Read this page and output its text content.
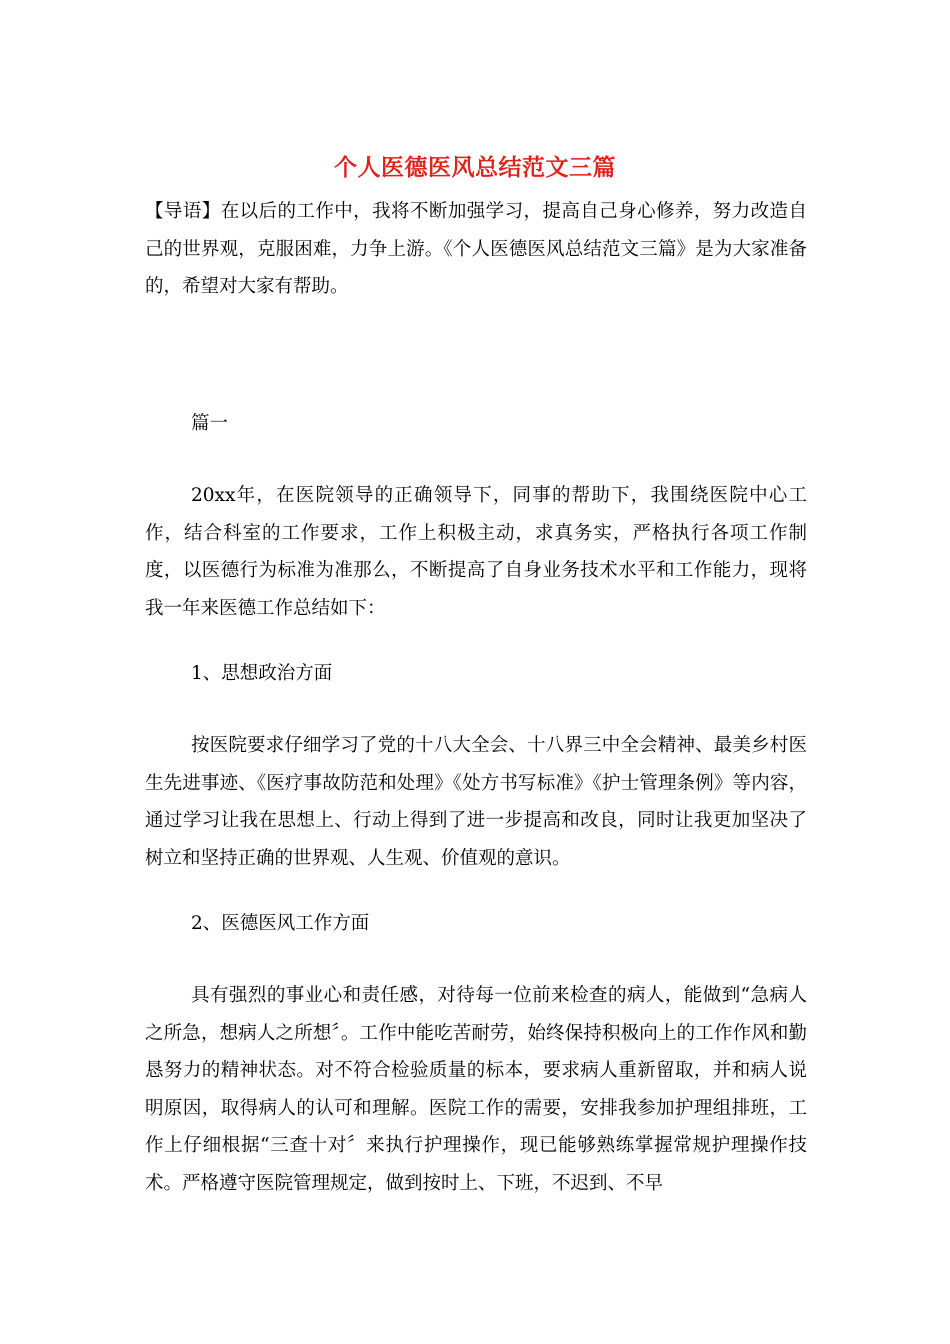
个人医德医风总结范文三篇
【导语】在以后的工作中，我将不断加强学习，提高自己身心修养，努力改造自己的世界观，克服困难，力争上游。《个人医德医风总结范文三篇》是为大家准备的，希望对大家有帮助。
篇一
20xx年，在医院领导的正确领导下，同事的帮助下，我围绕医院中心工作，结合科室的工作要求，工作上积极主动，求真务实，严格执行各项工作制度，以医德行为标准为准那么，不断提高了自身业务技术水平和工作能力，现将我一年来医德工作总结如下：
1、思想政治方面
按医院要求仔细学习了党的十八大全会、十八界三中全会精神、最美乡村医生先进事迹、《医疗事故防范和处理》《处方书写标准》《护士管理条例》等内容，通过学习让我在思想上、行动上得到了进一步提高和改良，同时让我更加坚决了树立和坚持正确的世界观、人生观、价值观的意识。
2、医德医风工作方面
具有强烈的事业心和责任感，对待每一位前来检查的病人，能做到“急病人之所急，想病人之所想〞。工作中能吃苦耐劳，始终保持积极向上的工作作风和勤恳努力的精神状态。对不符合检验质量的标本，要求病人重新留取，并和病人说明原因，取得病人的认可和理解。医院工作的需要，安排我参加护理组排班，工作上仔细根据“三查十对〞来执行护理操作，现已能够熟练掌握常规护理操作技术。严格遵守医院管理规定，做到按时上、下班，不迟到、不早
